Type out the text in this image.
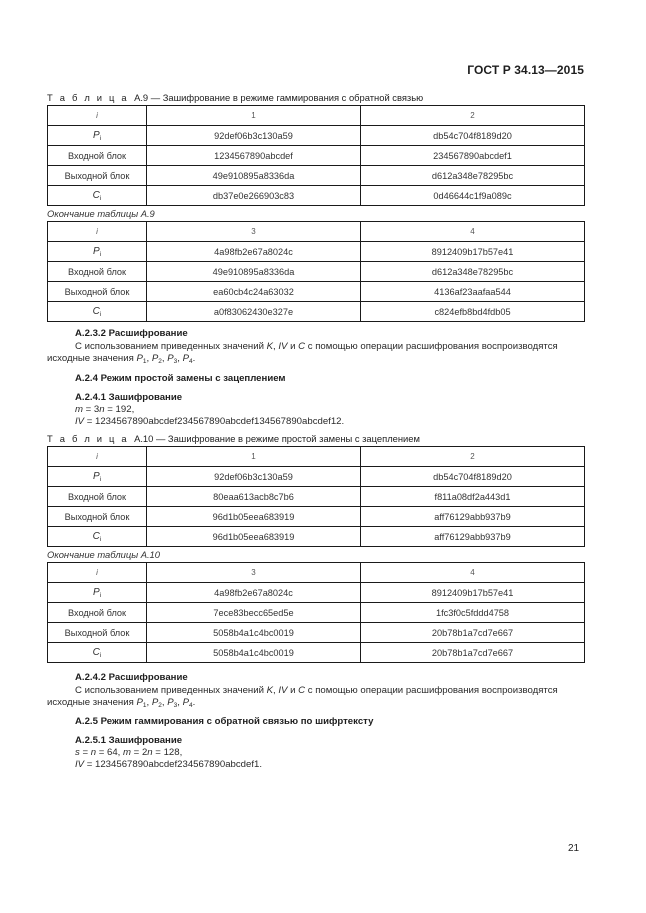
ГОСТ Р 34.13—2015
Т а б л и ц а А.9 — Зашифрование в режиме гаммирования с обратной связью
i	1	2
$P_i$	92def06b3c130a59	db54c704f8189d20
Входной блок	1234567890abcdef	234567890abcdef1
Выходной блок	49e910895a8336da	d612a348e78295bc
$C_i$	db37e0e266903c83	0d46644c1f9a089c
Окончание таблицы А.9
i	3	4
$P_i$	4a98fb2e67a8024c	8912409b17b57e41
Входной блок	49e910895a8336da	d612a348e78295bc
Выходной блок	ea60cb4c24a63032	4136af23aafaa544
$C_i$	a0f83062430e327e	c824efb8bd4fdb05
А.2.3.2 Расшифрование
С использованием приведенных значений K, IV и C с помощью операции расшифрования воспроизводятся
исходные значения $P_1$, $P_2$, $P_3$, $P_4$.
А.2.4 Режим простой замены с зацеплением
А.2.4.1 Зашифрование
m = 3n = 192,
IV = 1234567890abcdef234567890abcdef134567890abcdef12.
Т а б л и ц а А.10 — Зашифрование в режиме простой замены с зацеплением
i	1	2
$P_i$	92def06b3c130a59	db54c704f8189d20
Входной блок	80eaa613acb8c7b6	f811a08df2a443d1
Выходной блок	96d1b05eea683919	aff76129abb937b9
$C_i$	96d1b05eea683919	aff76129abb937b9
Окончание таблицы А.10
i	3	4
$P_i$	4a98fb2e67a8024c	8912409b17b57e41
Входной блок	7ece83becc65ed5e	1fc3f0c5fddd4758
Выходной блок	5058b4a1c4bc0019	20b78b1a7cd7e667
$C_i$	5058b4a1c4bc0019	20b78b1a7cd7e667
А.2.4.2 Расшифрование
С использованием приведенных значений K, IV и C с помощью операции расшифрования воспроизводятся
исходные значения $P_1$, $P_2$, $P_3$, $P_4$.
А.2.5 Режим гаммирования с обратной связью по шифртексту
А.2.5.1 Зашифрование
s = n = 64, m = 2n = 128,
IV = 1234567890abcdef234567890abcdef1.
21
